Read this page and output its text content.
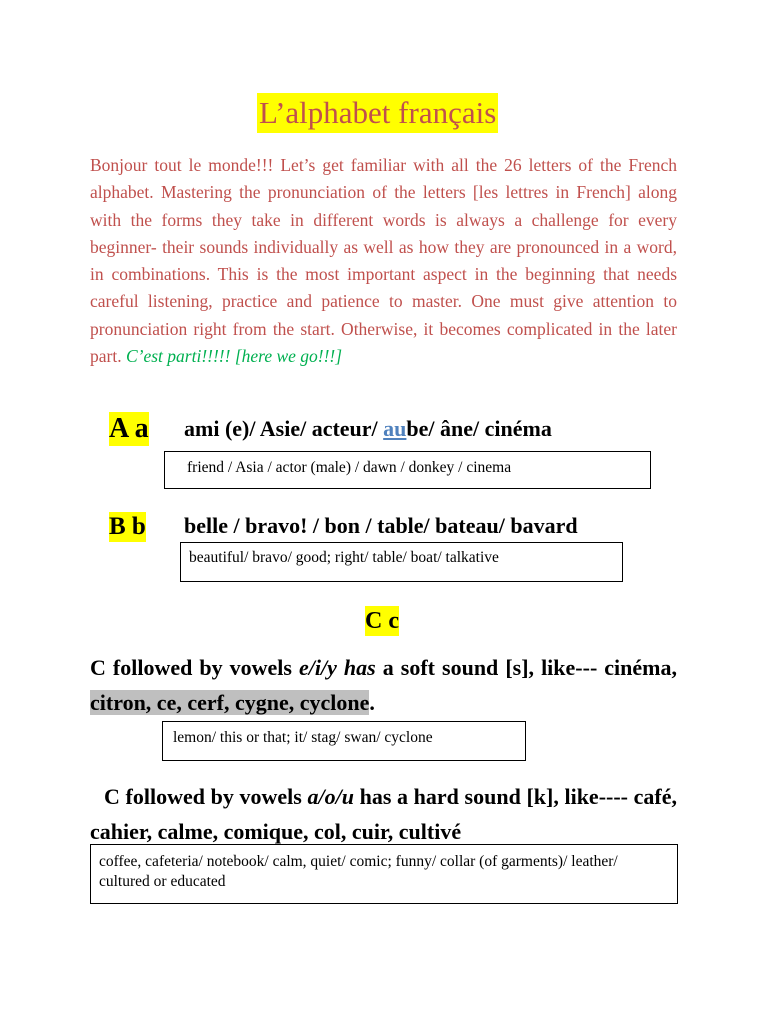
L’alphabet français
Bonjour tout le monde!!! Let’s get familiar with all the 26 letters of the French alphabet. Mastering the pronunciation of the letters [les lettres in French] along with the forms they take in different words is always a challenge for every beginner- their sounds individually as well as how they are pronounced in a word, in combinations. This is the most important aspect in the beginning that needs careful listening, practice and patience to master. One must give attention to pronunciation right from the start. Otherwise, it becomes complicated in the later part. C’est parti!!!!! [here we go!!!]
A a ami (e)/ Asie/ acteur/ aube/ âne/ cinéma
friend / Asia / actor (male) / dawn / donkey / cinema
B b belle / bravo! / bon / table/ bateau/ bavard
beautiful/ bravo/ good; right/ table/ boat/ talkative
C c
C followed by vowels e/i/y has a soft sound [s], like--- cinéma, citron, ce, cerf, cygne, cyclone.
lemon/ this or that; it/ stag/ swan/ cyclone
C followed by vowels a/o/u has a hard sound [k], like---- café, cahier, calme, comique, col, cuir, cultivé
coffee, cafeteria/ notebook/ calm, quiet/ comic; funny/ collar (of garments)/ leather/ cultured or educated
